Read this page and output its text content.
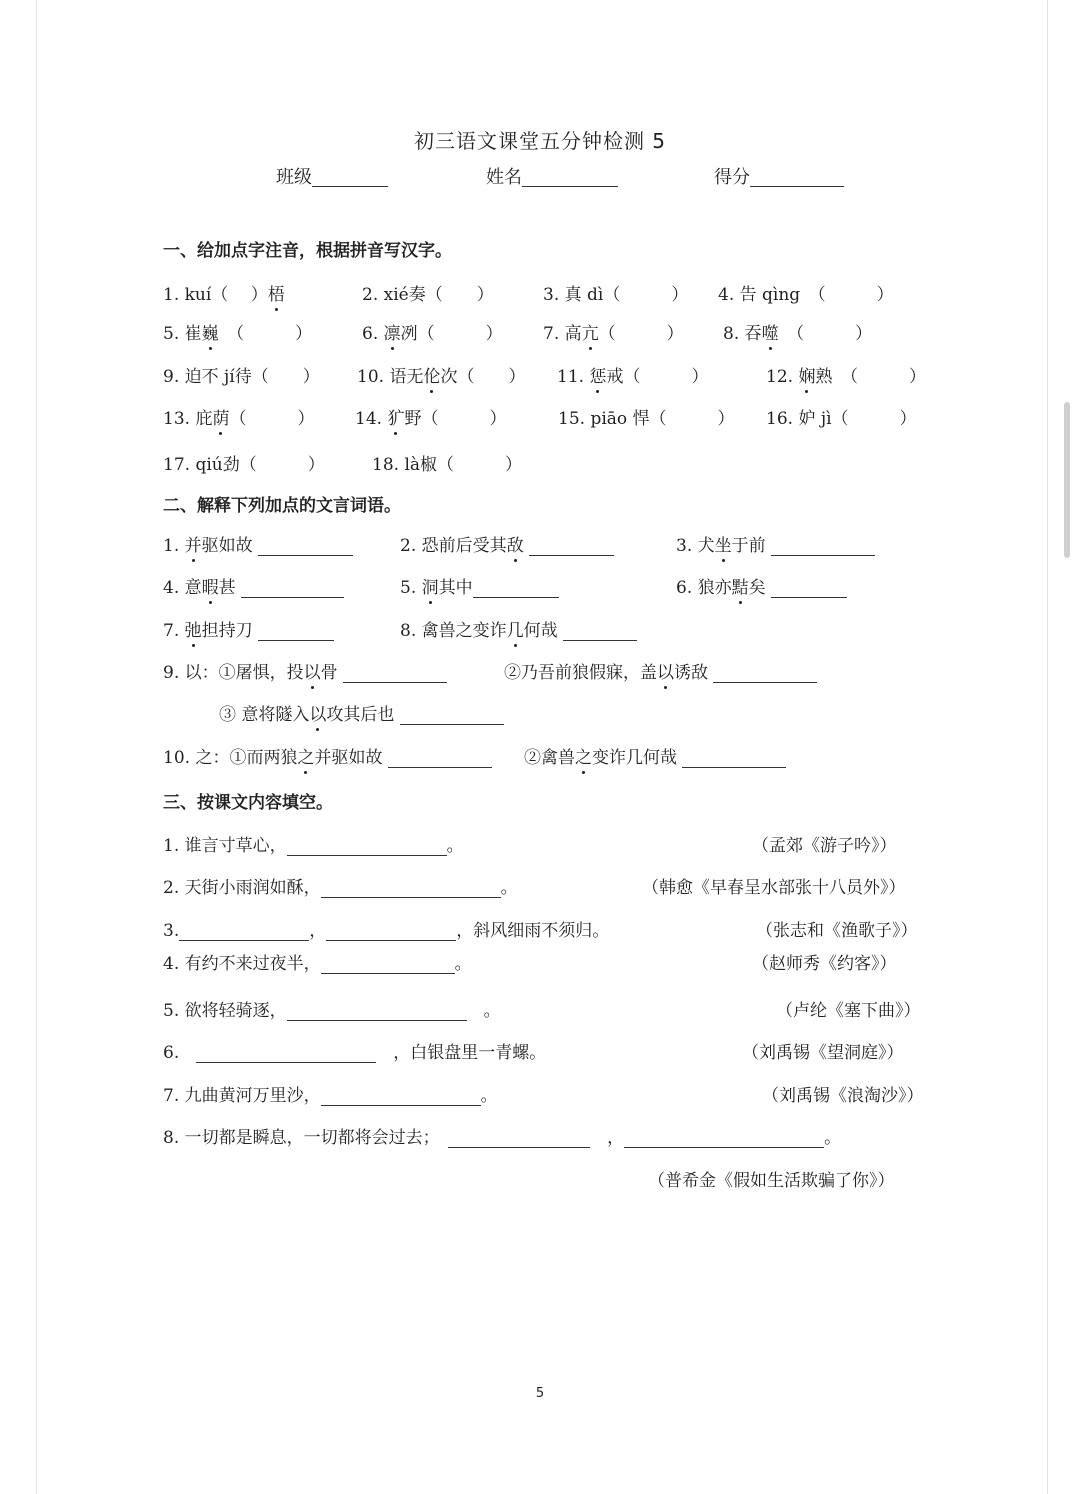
初三语文课堂五分钟检测 5
班级	姓名	得分
一、给加点字注音，根据拼音写汉字。
1. kuí（　 ）梧	2. xié奏（　　）	3. 真 dì（　　　） 4. 告 qìng　（　　　）
5. 崔巍　（　　　）	6. 凛冽（　　　） 7. 高亢（　　　） 8. 吞噬　（　　　）
9. 迫不 jí待（　　） 10. 语无伦次（　　） 11. 惩戒（　　　）	12. 娴熟　（　　　）
13. 庇荫（　　　） 14. 犷野（　　　）	15. piāo 悍（　　　） 16. 妒 jì（　　　）
17. qiú劲（　　　）	18. là椒（　　　）
二、解释下列加点的文言词语。
1. 并驱如故	2. 恐前后受其敌	3. 犬坐于前
4. 意暇甚	5. 洞其中	6. 狼亦黠矣
7. 弛担持刀	8. 禽兽之变诈几何哉
9. 以：①屠惧，投以骨	②乃吾前狼假寐，盖以诱敌
③ 意将隧入以攻其后也
10. 之：①而两狼之并驱如故	②禽兽之变诈几何哉
三、按课文内容填空。
1. 谁言寸草心，	。	（孟郊《游子吟》）
2. 天街小雨润如酥，	。	（韩愈《早春呈水部张十八员外》）
3.	，	，斜风细雨不须归。	（张志和《渔歌子》）
4. 有约不来过夜半，	。	（赵师秀《约客》）
5. 欲将轻骑逐，　	。	（卢纶《塞下曲》）
6.　　	，白银盘里一青螺。	（刘禹锡《望洞庭》）
7. 九曲黄河万里沙，	。	（刘禹锡《浪淘沙》）
8. 一切都是瞬息，一切都将会过去；　　	，	。
（普希金《假如生活欺骗了你》）
5
